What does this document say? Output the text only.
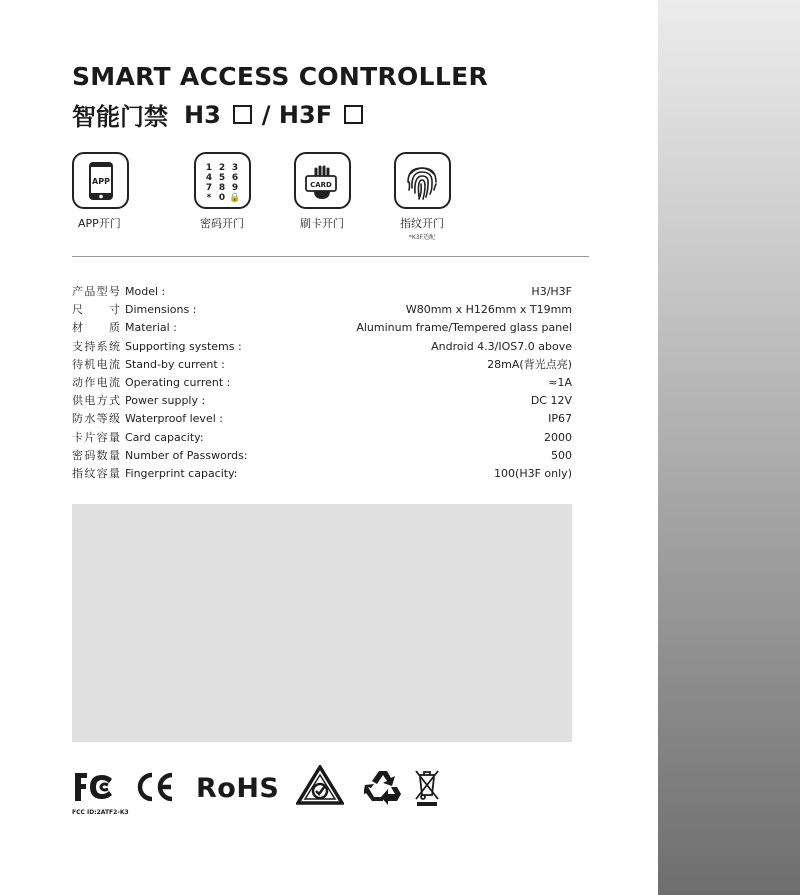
SMART ACCESS CONTROLLER
智能门禁 H3 / H3F
APP
APP开门
1 2 3
4 5 6
7 8 9
* 0 🔒
密码开门
CARD
刷卡开门	指纹开门
*K3F适配
产 品 型 号 Model :	H3/H3F
尺 寸 Dimensions :	W80mm x H126mm x T19mm
材 质 Material :	Aluminum frame/Tempered glass panel
支 持 系 统 Supporting systems :	Android 4.3/IOS7.0 above
待 机 电 流 Stand-by current :	28mA(背光点亮)
动 作 电 流 Operating current :	≈1A
供 电 方 式 Power supply :	DC 12V
防 水 等 级 Waterproof level :	IP67
卡 片 容 量 Card capacity:	2000
密 码 数 量 Number of Passwords:	500
指 纹 容 量 Fingerprint capacity:	100(H3F only)
FCC ID:2ATF2-K3
RoHS
